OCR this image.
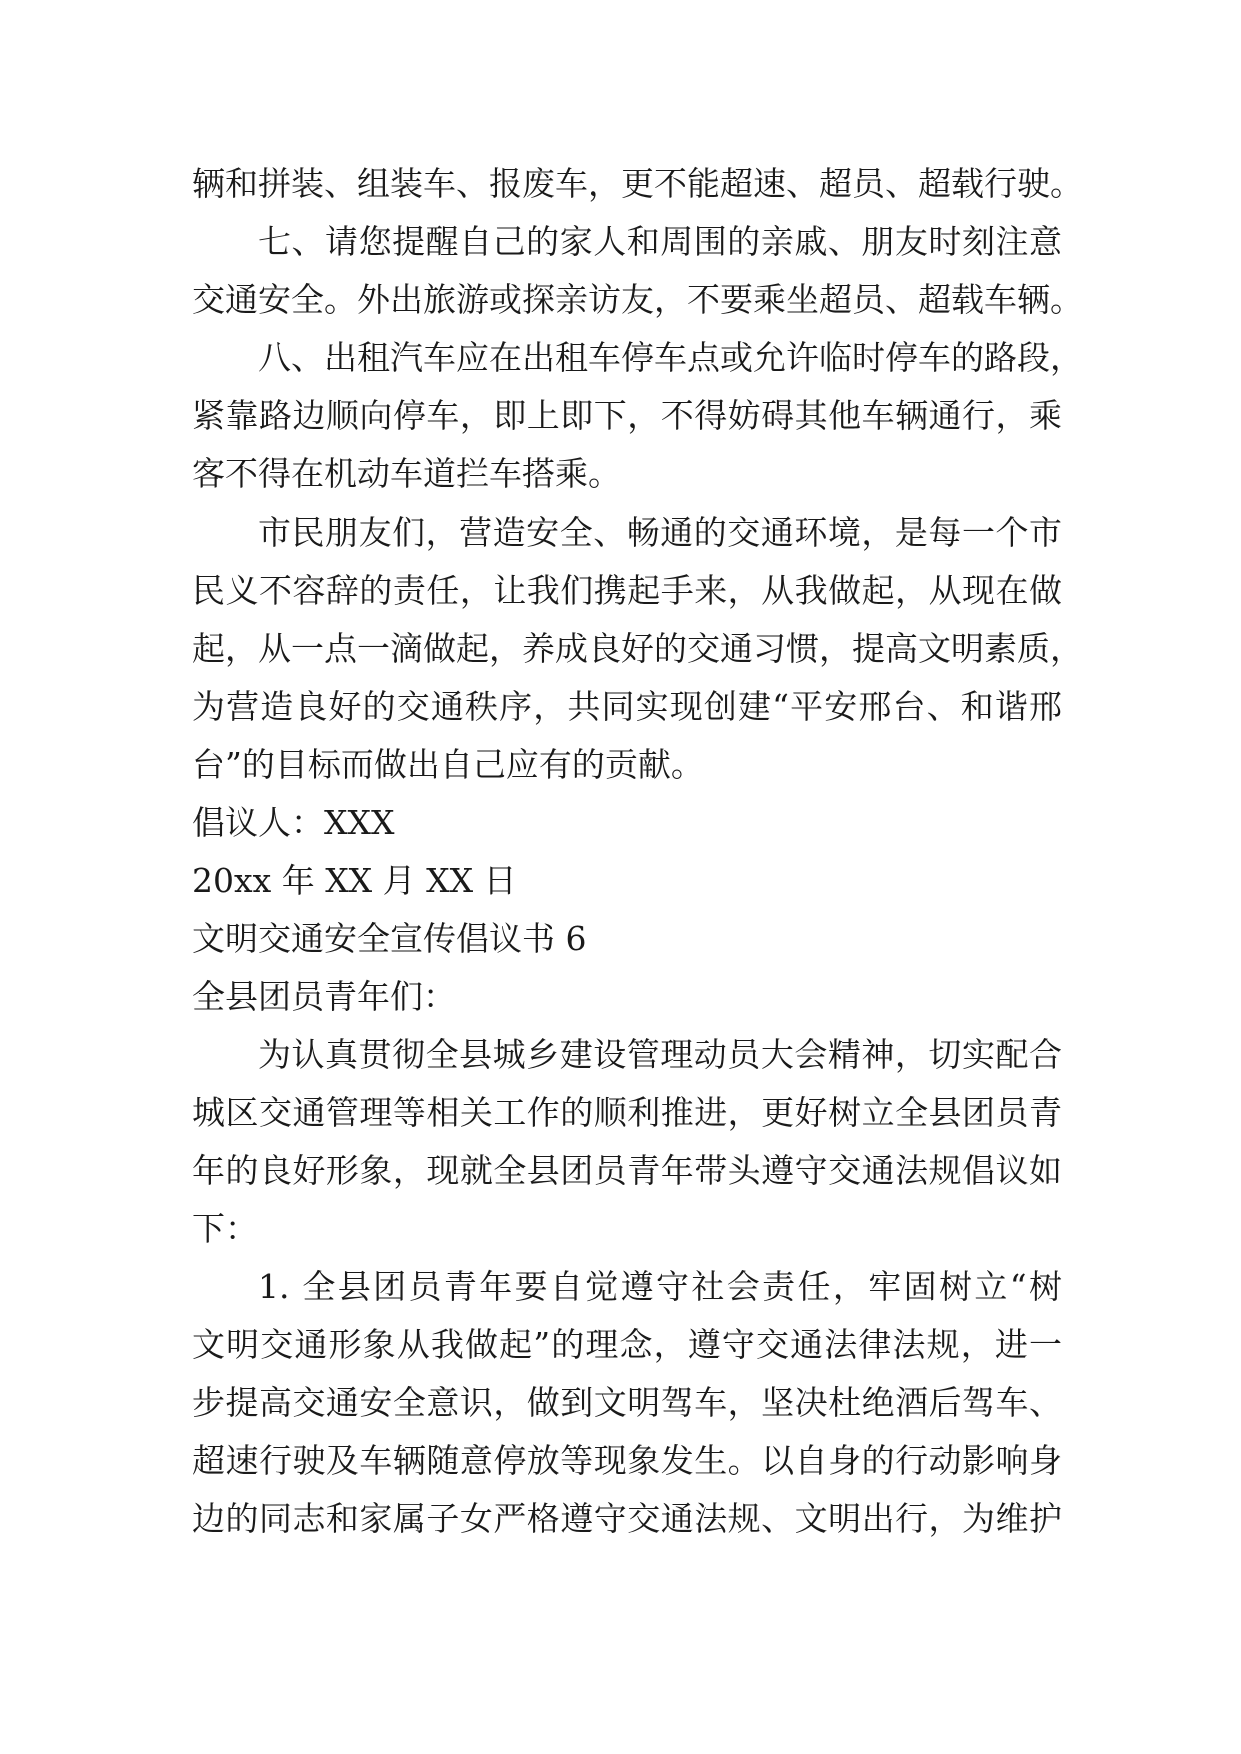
辆和拼装、组装车、报废车，更不能超速、超员、超载行驶。
七、请您提醒自己的家人和周围的亲戚、朋友时刻注意
交通安全。外出旅游或探亲访友，不要乘坐超员、超载车辆。
八、出租汽车应在出租车停车点或允许临时停车的路段，
紧靠路边顺向停车，即上即下，不得妨碍其他车辆通行，乘
客不得在机动车道拦车搭乘。
市民朋友们，营造安全、畅通的交通环境，是每一个市
民义不容辞的责任，让我们携起手来，从我做起，从现在做
起，从一点一滴做起，养成良好的交通习惯，提高文明素质，
为营造良好的交通秩序，共同实现创建“平安邢台、和谐邢
台”的目标而做出自己应有的贡献。
倡议人：XXX
20xx 年 XX 月 XX 日
文明交通安全宣传倡议书 6
全县团员青年们：
为认真贯彻全县城乡建设管理动员大会精神，切实配合
城区交通管理等相关工作的顺利推进，更好树立全县团员青
年的良好形象，现就全县团员青年带头遵守交通法规倡议如
下：
1. 全县团员青年要自觉遵守社会责任，牢固树立“树
文明交通形象从我做起”的理念，遵守交通法律法规，进一
步提高交通安全意识，做到文明驾车，坚决杜绝酒后驾车、
超速行驶及车辆随意停放等现象发生。以自身的行动影响身
边的同志和家属子女严格遵守交通法规、文明出行，为维护
